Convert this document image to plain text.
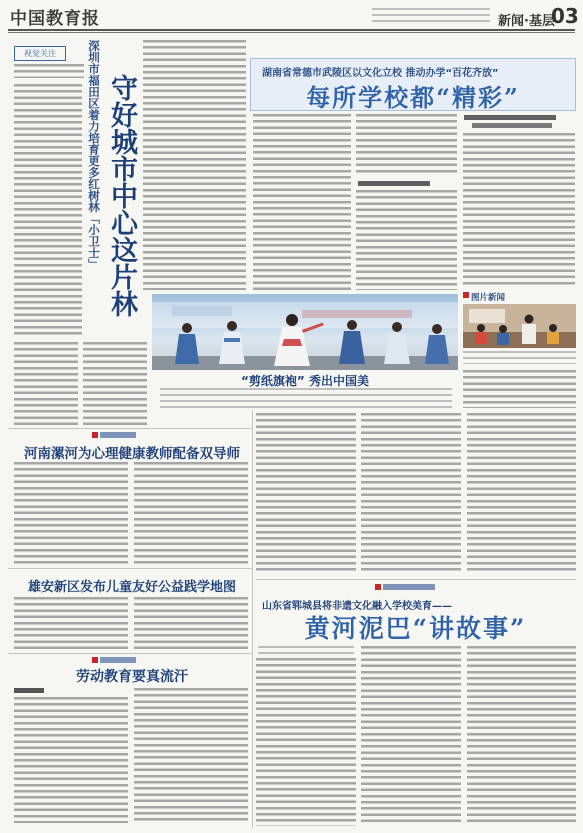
中国教育报	新闻·基层
03
视觉关注	深圳市福田区着力培育更多红树林「小卫士」 守好城市中心这片林
湖南省常德市武陵区以文化立校 推动办学“百花齐放”
每所学校都“精彩”
“剪纸旗袍” 秀出中国美
图片新闻
河南漯河为心理健康教师配备双导师
雄安新区发布儿童友好公益践学地图
劳动教育要真流汗
山东省郓城县将非遗文化融入学校美育——
黄河泥巴“讲故事”
